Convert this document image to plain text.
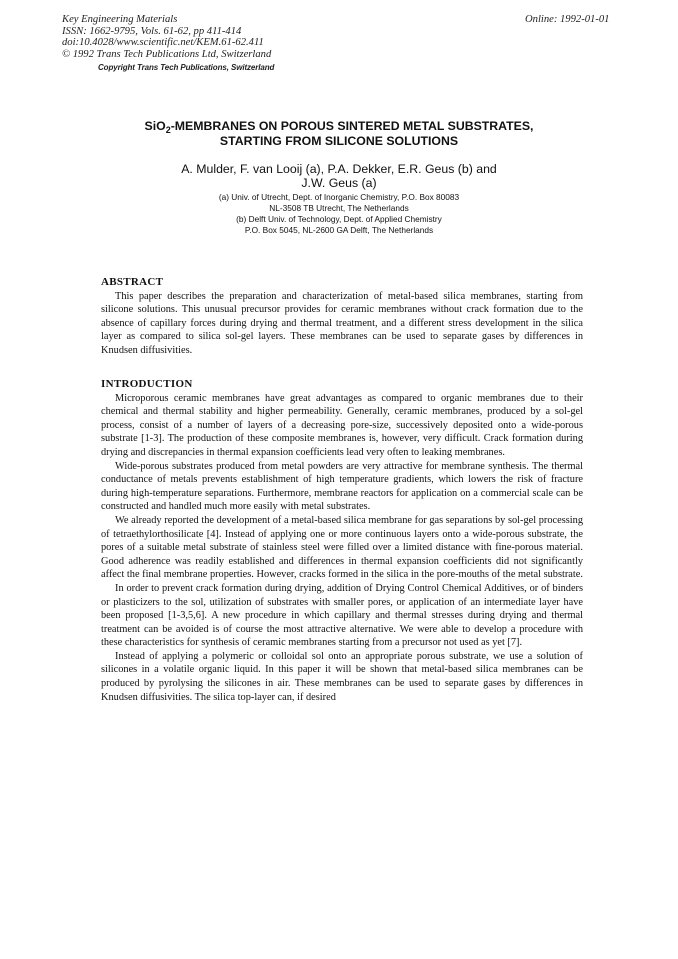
Key Engineering Materials
ISSN: 1662-9795, Vols. 61-62, pp 411-414
doi:10.4028/www.scientific.net/KEM.61-62.411
© 1992 Trans Tech Publications Ltd, Switzerland
Online: 1992-01-01
Copyright Trans Tech Publications, Switzerland
SiO$_2$-MEMBRANES ON POROUS SINTERED METAL SUBSTRATES,
STARTING FROM SILICONE SOLUTIONS
A. Mulder, F. van Looij (a), P.A. Dekker, E.R. Geus (b) and
J.W. Geus (a)
(a) Univ. of Utrecht, Dept. of Inorganic Chemistry, P.O. Box 80083
NL-3508 TB Utrecht, The Netherlands
(b) Delft Univ. of Technology, Dept. of Applied Chemistry
P.O. Box 5045, NL-2600 GA Delft, The Netherlands
ABSTRACT

This paper describes the preparation and characterization of metal-based silica membranes, starting from silicone solutions. This unusual precursor provides for ceramic membranes without crack formation due to the absence of capillary forces during drying and thermal treatment, and a different stress development in the silica layer as compared to silica sol-gel layers. These membranes can be used to separate gases by differences in Knudsen diffusivities.

INTRODUCTION

Microporous ceramic membranes have great advantages as compared to organic membranes due to their chemical and thermal stability and higher permeability. Generally, ceramic membranes, produced by a sol-gel process, consist of a number of layers of a decreasing pore-size, successively deposited onto a wide-porous substrate [1-3]. The production of these composite membranes is, however, very difficult. Crack formation during drying and discrepancies in thermal expansion coefficients lead very often to leaking membranes.

Wide-porous substrates produced from metal powders are very attractive for membrane synthesis. The thermal conductance of metals prevents establishment of high temperature gradients, which lowers the risk of fracture during high-temperature separations. Furthermore, membrane reactors for application on a commercial scale can be constructed and handled much more easily with metal substrates.

We already reported the development of a metal-based silica membrane for gas separations by sol-gel processing of tetraethylorthosilicate [4]. Instead of applying one or more continuous layers onto a wide-porous substrate, the pores of a suitable metal substrate of stainless steel were filled over a limited distance with fine-porous material. Good adherence was readily established and differences in thermal expansion coefficients did not significantly affect the final membrane properties. However, cracks formed in the silica in the pore-mouths of the metal substrate.

In order to prevent crack formation during drying, addition of Drying Control Chemical Additives, or of binders or plasticizers to the sol, utilization of substrates with smaller pores, or application of an intermediate layer have been proposed [1-3,5,6]. A new procedure in which capillary and thermal stresses during drying and thermal treatment can be avoided is of course the most attractive alternative. We were able to develop a procedure with these characteristics for synthesis of ceramic membranes starting from a precursor not used as yet [7].

Instead of applying a polymeric or colloidal sol onto an appropriate porous substrate, we use a solution of silicones in a volatile organic liquid. In this paper it will be shown that metal-based silica membranes can be produced by pyrolysing the silicones in air. These membranes can be used to separate gases by differences in Knudsen diffusivities. The silica top-layer can, if desired
